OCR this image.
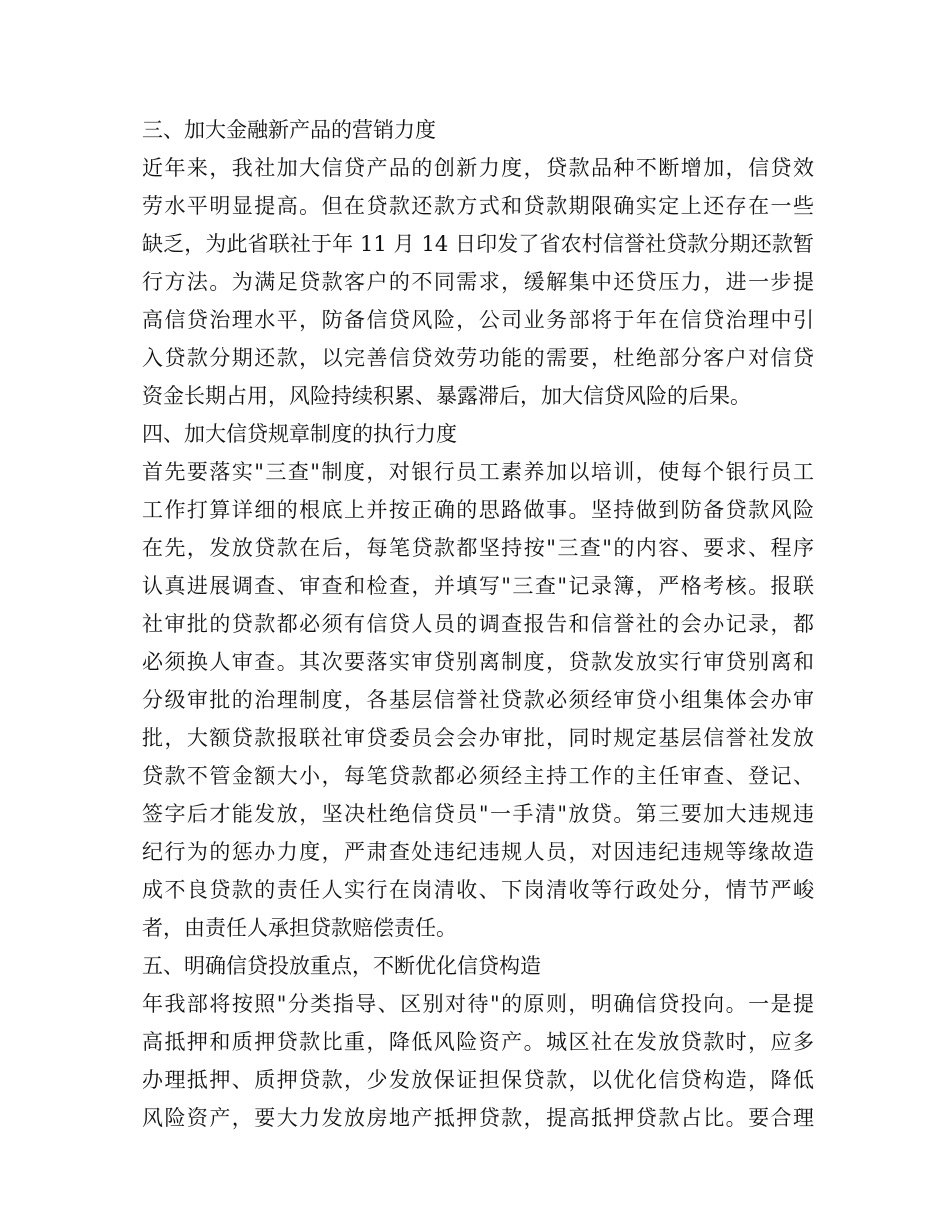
三、加大金融新产品的营销力度
近年来，我社加大信贷产品的创新力度，贷款品种不断增加，信贷效
劳水平明显提高。但在贷款还款方式和贷款期限确实定上还存在一些
缺乏，为此省联社于年 11 月 14 日印发了省农村信誉社贷款分期还款暂
行方法。为满足贷款客户的不同需求，缓解集中还贷压力，进一步提
高信贷治理水平，防备信贷风险，公司业务部将于年在信贷治理中引
入贷款分期还款，以完善信贷效劳功能的需要，杜绝部分客户对信贷
资金长期占用，风险持续积累、暴露滞后，加大信贷风险的后果。
四、加大信贷规章制度的执行力度
首先要落实"三查"制度，对银行员工素养加以培训，使每个银行员工
工作打算详细的根底上并按正确的思路做事。坚持做到防备贷款风险
在先，发放贷款在后，每笔贷款都坚持按"三查"的内容、要求、程序
认真进展调查、审查和检查，并填写"三查"记录簿，严格考核。报联
社审批的贷款都必须有信贷人员的调查报告和信誉社的会办记录，都
必须换人审查。其次要落实审贷别离制度，贷款发放实行审贷别离和
分级审批的治理制度，各基层信誉社贷款必须经审贷小组集体会办审
批，大额贷款报联社审贷委员会会办审批，同时规定基层信誉社发放
贷款不管金额大小，每笔贷款都必须经主持工作的主任审查、登记、
签字后才能发放，坚决杜绝信贷员"一手清"放贷。第三要加大违规违
纪行为的惩办力度，严肃查处违纪违规人员，对因违纪违规等缘故造
成不良贷款的责任人实行在岗清收、下岗清收等行政处分，情节严峻
者，由责任人承担贷款赔偿责任。
五、明确信贷投放重点，不断优化信贷构造
年我部将按照"分类指导、区别对待"的原则，明确信贷投向。一是提
高抵押和质押贷款比重，降低风险资产。城区社在发放贷款时，应多
办理抵押、质押贷款，少发放保证担保贷款，以优化信贷构造，降低
风险资产，要大力发放房地产抵押贷款，提高抵押贷款占比。要合理
